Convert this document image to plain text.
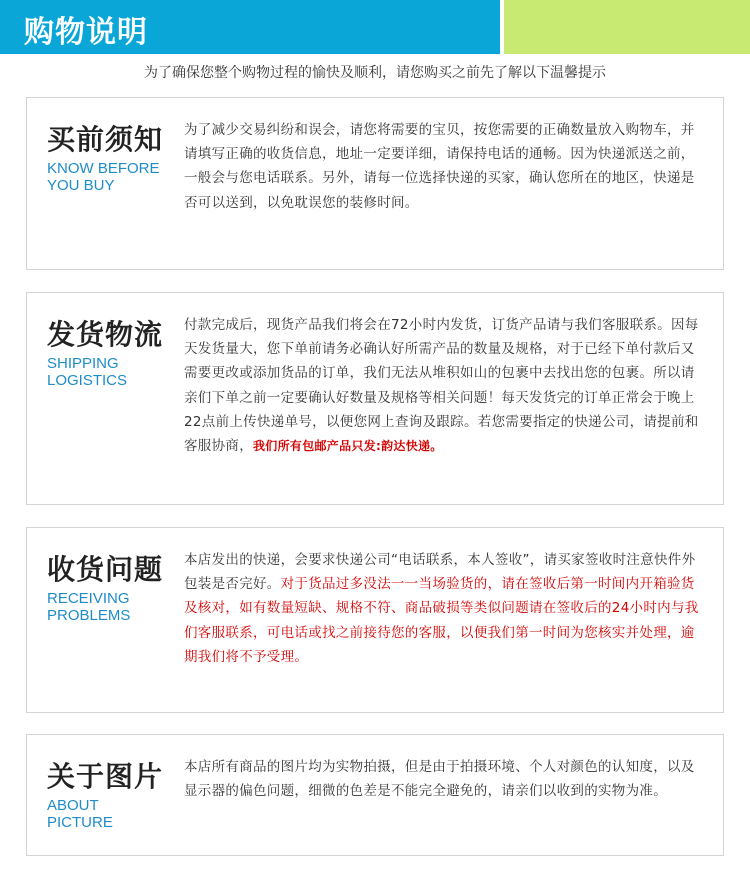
购物说明
为了确保您整个购物过程的愉快及顺利，请您购买之前先了解以下温馨提示
买前须知
KNOW BEFORE
YOU BUY
为了减少交易纠纷和误会，请您将需要的宝贝，按您需要的正确数量放入购物车，并请填写正确的收货信息，地址一定要详细，请保持电话的通畅。因为快递派送之前，一般会与您电话联系。另外，请每一位选择快递的买家，确认您所在的地区，快递是否可以送到，以免耽误您的装修时间。
发货物流
SHIPPING
LOGISTICS
付款完成后，现货产品我们将会在72小时内发货，订货产品请与我们客服联系。因每天发货量大，您下单前请务必确认好所需产品的数量及规格，对于已经下单付款后又需要更改或添加货品的订单，我们无法从堆积如山的包裹中去找出您的包裹。所以请亲们下单之前一定要确认好数量及规格等相关问题！每天发货完的订单正常会于晚上22点前上传快递单号，以便您网上查询及跟踪。若您需要指定的快递公司，请提前和客服协商，我们所有包邮产品只发:韵达快递。
收货问题
RECEIVING
PROBLEMS
本店发出的快递，会要求快递公司“电话联系，本人签收”，请买家签收时注意快件外包装是否完好。对于货品过多没法一一当场验货的，请在签收后第一时间内开箱验货及核对，如有数量短缺、规格不符、商品破损等类似问题请在签收后的24小时内与我们客服联系，可电话或找之前接待您的客服，以便我们第一时间为您核实并处理，逾期我们将不予受理。
关于图片
ABOUT
PICTURE
本店所有商品的图片均为实物拍摄，但是由于拍摄环境、个人对颜色的认知度，以及显示器的偏色问题，细微的色差是不能完全避免的，请亲们以收到的实物为准。
